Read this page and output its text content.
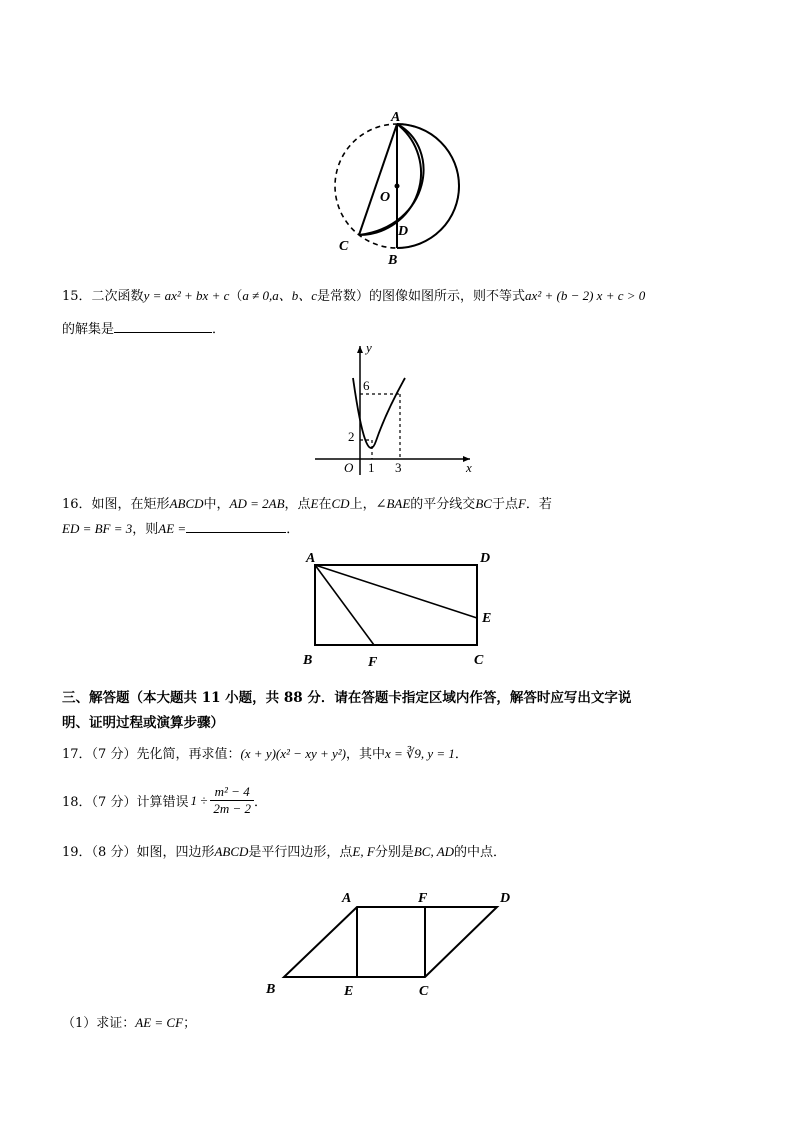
A
O
D
C
B
15．二次函数y = ax² + bx + c（a ≠ 0,a、b、c是常数）的图像如图所示，则不等式ax² + (b − 2) x + c > 0
的解集是	．
y
x
O 1 3
2
6
16．如图，在矩形ABCD中，AD = 2AB，点E在CD上，∠BAE的平分线交BC于点F．若
ED = BF = 3，则AE =	．
A	D
E
B	F	C
三、解答题（本大题共 11 小题，共 88 分．请在答题卡指定区域内作答，解答时应写出文字说
明、证明过程或演算步骤）
17．（7 分）先化简，再求值：(x + y)(x² − xy + y²)，其中x = ∛9, y = 1．
18．（7 分）计算错误 1 ÷
m² − 4
2m − 2 ．
19．（8 分）如图，四边形ABCD是平行四边形，点E, F分别是BC, AD的中点．
A	F	D
B	E	C
（1）求证：AE = CF；
